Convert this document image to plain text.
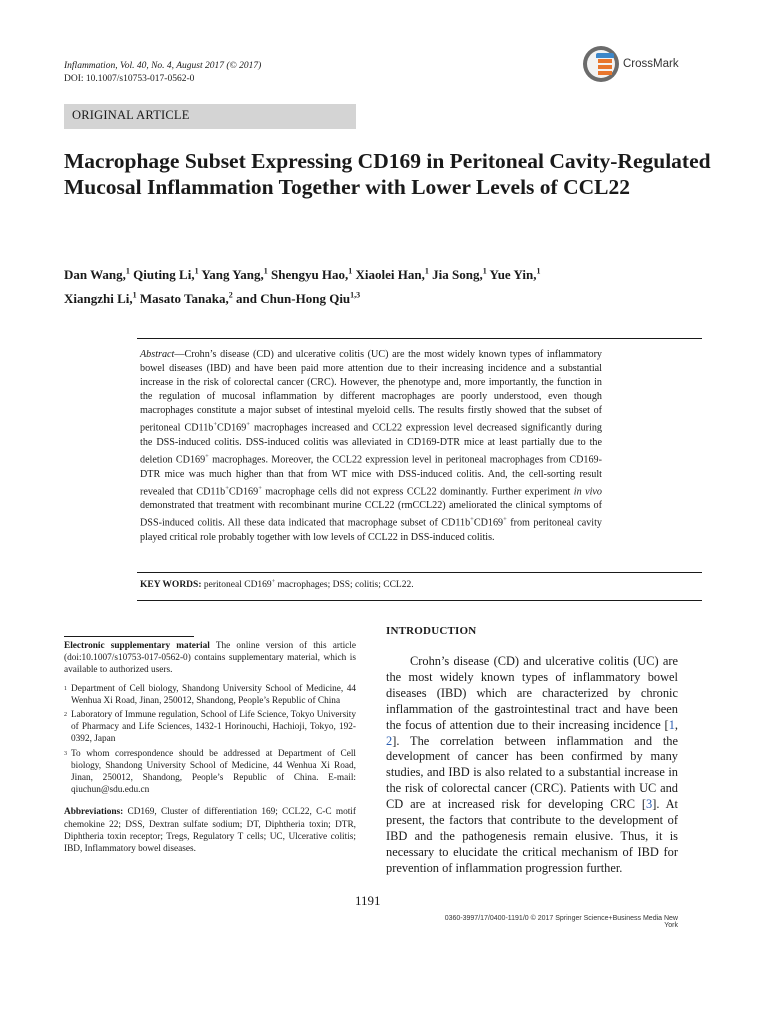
Inflammation, Vol. 40, No. 4, August 2017 (© 2017)
DOI: 10.1007/s10753-017-0562-0
CrossMark
ORIGINAL ARTICLE
Macrophage Subset Expressing CD169 in Peritoneal Cavity-Regulated Mucosal Inflammation Together with Lower Levels of CCL22
Dan Wang,$^1$ Qiuting Li,$^1$ Yang Yang,$^1$ Shengyu Hao,$^1$ Xiaolei Han,$^1$ Jia Song,$^1$ Yue Yin,$^1$
Xiangzhi Li,$^1$ Masato Tanaka,$^2$ and Chun-Hong Qiu$^{1,3}$
Abstract—Crohn’s disease (CD) and ulcerative colitis (UC) are the most widely known types of inflammatory bowel diseases (IBD) and have been paid more attention due to their increasing incidence and a substantial increase in the risk of colorectal cancer (CRC). However, the phenotype and, more importantly, the function in the regulation of mucosal inflammation by different macrophages are poorly understood, even though macrophages constitute a major subset of intestinal myeloid cells. The results firstly showed that the subset of peritoneal CD11b+CD169+ macrophages increased and CCL22 expression level decreased significantly during the DSS-induced colitis. DSS-induced colitis was alleviated in CD169-DTR mice at least partially due to the deletion CD169+ macrophages. Moreover, the CCL22 expression level in peritoneal macrophages from CD169-DTR mice was much higher than that from WT mice with DSS-induced colitis. And, the cell-sorting result revealed that CD11b+CD169+ macrophage cells did not express CCL22 dominantly. Further experiment in vivo demonstrated that treatment with recombinant murine CCL22 (rmCCL22) ameliorated the clinical symptoms of DSS-induced colitis. All these data indicated that macrophage subset of CD11b+CD169+ from peritoneal cavity played critical role probably together with low levels of CCL22 in DSS-induced colitis.
KEY WORDS: peritoneal CD169+ macrophages; DSS; colitis; CCL22.

Electronic supplementary material The online version of this article (doi:10.1007/s10753-017-0562-0) contains supplementary material, which is available to authorized users.

1 Department of Cell biology, Shandong University School of Medicine, 44 Wenhua Xi Road, Jinan, 250012, Shandong, People’s Republic of China
2 Laboratory of Immune regulation, School of Life Science, Tokyo University of Pharmacy and Life Sciences, 1432-1 Horinouchi, Hachioji, Tokyo, 192-0392, Japan
3 To whom correspondence should be addressed at Department of Cell biology, Shandong University School of Medicine, 44 Wenhua Xi Road, Jinan, 250012, Shandong, People’s Republic of China. E-mail: qiuchun@sdu.edu.cn

Abbreviations: CD169, Cluster of differentiation 169; CCL22, C-C motif chemokine 22; DSS, Dextran sulfate sodium; DT, Diphtheria toxin; DTR, Diphtheria toxin receptor; Tregs, Regulatory T cells; UC, Ulcerative colitis; IBD, Inflammatory bowel diseases.

INTRODUCTION

Crohn’s disease (CD) and ulcerative colitis (UC) are the most widely known types of inflammatory bowel diseases (IBD) which are characterized by chronic inflammation of the gastrointestinal tract and have been the focus of attention due to their increasing incidence [1, 2]. The correlation between inflammation and the development of cancer has been confirmed by many studies, and IBD is also related to a substantial increase in the risk of colorectal cancer (CRC). Patients with UC and CD are at increased risk for developing CRC [3]. At present, the factors that contribute to the development of IBD and the pathogenesis remain elusive. Thus, it is necessary to elucidate the critical mechanism of IBD for prevention of inflammation progression further.

1191
0360-3997/17/0400-1191/0 © 2017 Springer Science+Business Media New York
